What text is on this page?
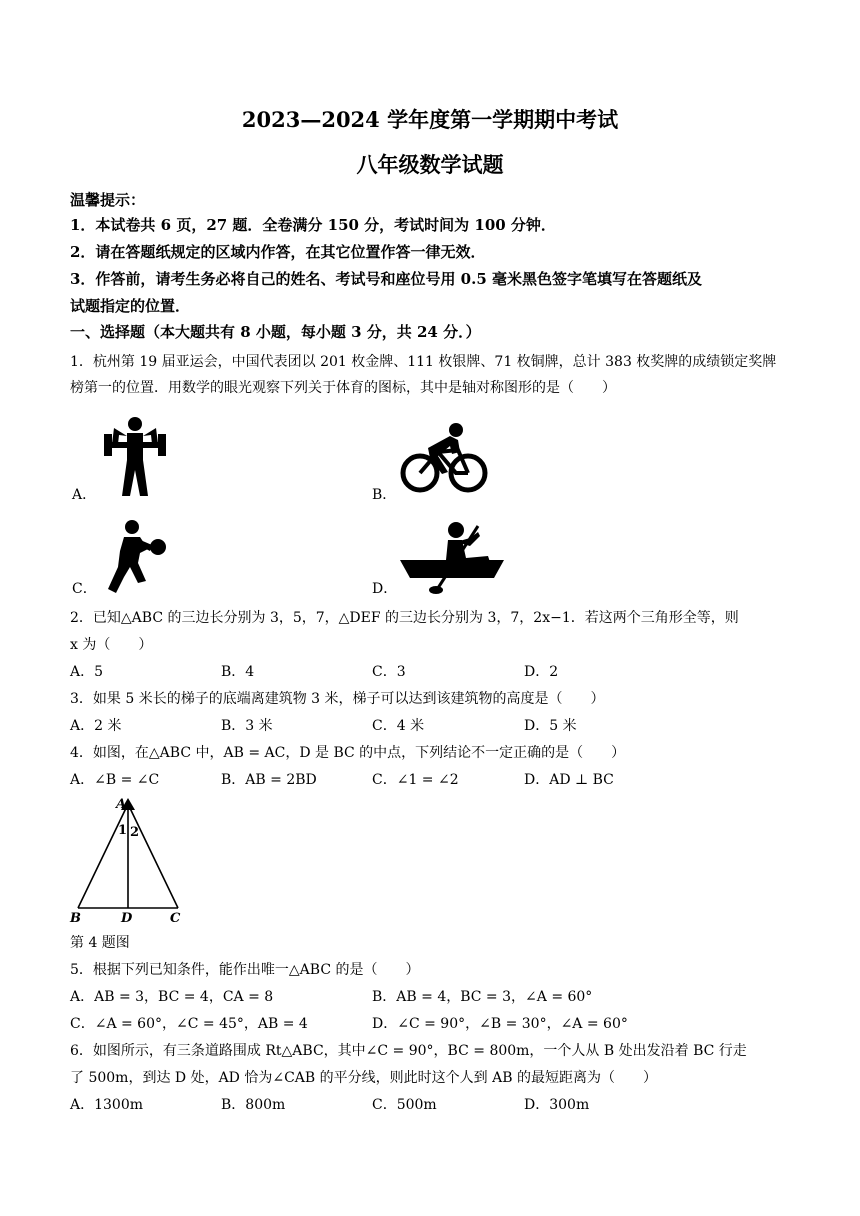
2023—2024 学年度第一学期期中考试
八年级数学试题
温馨提示：
1．本试卷共 6 页，27 题．全卷满分 150 分，考试时间为 100 分钟．
2．请在答题纸规定的区域内作答，在其它位置作答一律无效．
3．作答前，请考生务必将自己的姓名、考试号和座位号用 0.5 毫米黑色签字笔填写在答题纸及
试题指定的位置．
一、选择题（本大题共有 8 小题，每小题 3 分，共 24 分．）
1．杭州第 19 届亚运会，中国代表团以 201 枚金牌、111 枚银牌、71 枚铜牌，总计 383 枚奖牌的成绩锁定奖牌
榜第一的位置．用数学的眼光观察下列关于体育的图标，其中是轴对称图形的是（　　）
A．	B．
C．	D．
2．已知△ABC 的三边长分别为 3，5，7，△DEF 的三边长分别为 3，7，2x−1．若这两个三角形全等，则
x 为（　　）
A．5	B．4	C．3	D．2
3．如果 5 米长的梯子的底端离建筑物 3 米，梯子可以达到该建筑物的高度是（　　）
A．2 米	B．3 米	C．4 米	D．5 米
4．如图，在△ABC 中，AB = AC，D 是 BC 的中点，下列结论不一定正确的是（　　）
A．∠B = ∠C	B．AB = 2BD	C．∠1 = ∠2	D．AD ⊥ BC
A
1 2
B	D	C
第 4 题图
5．根据下列已知条件，能作出唯一△ABC 的是（　　）
A．AB = 3，BC = 4，CA = 8	B．AB = 4，BC = 3，∠A = 60°
C．∠A = 60°，∠C = 45°，AB = 4	D．∠C = 90°，∠B = 30°，∠A = 60°
6．如图所示，有三条道路围成 Rt△ABC，其中∠C = 90°，BC = 800m，一个人从 B 处出发沿着 BC 行走
了 500m，到达 D 处，AD 恰为∠CAB 的平分线，则此时这个人到 AB 的最短距离为（　　）
A．1300m	B．800m	C．500m	D．300m
